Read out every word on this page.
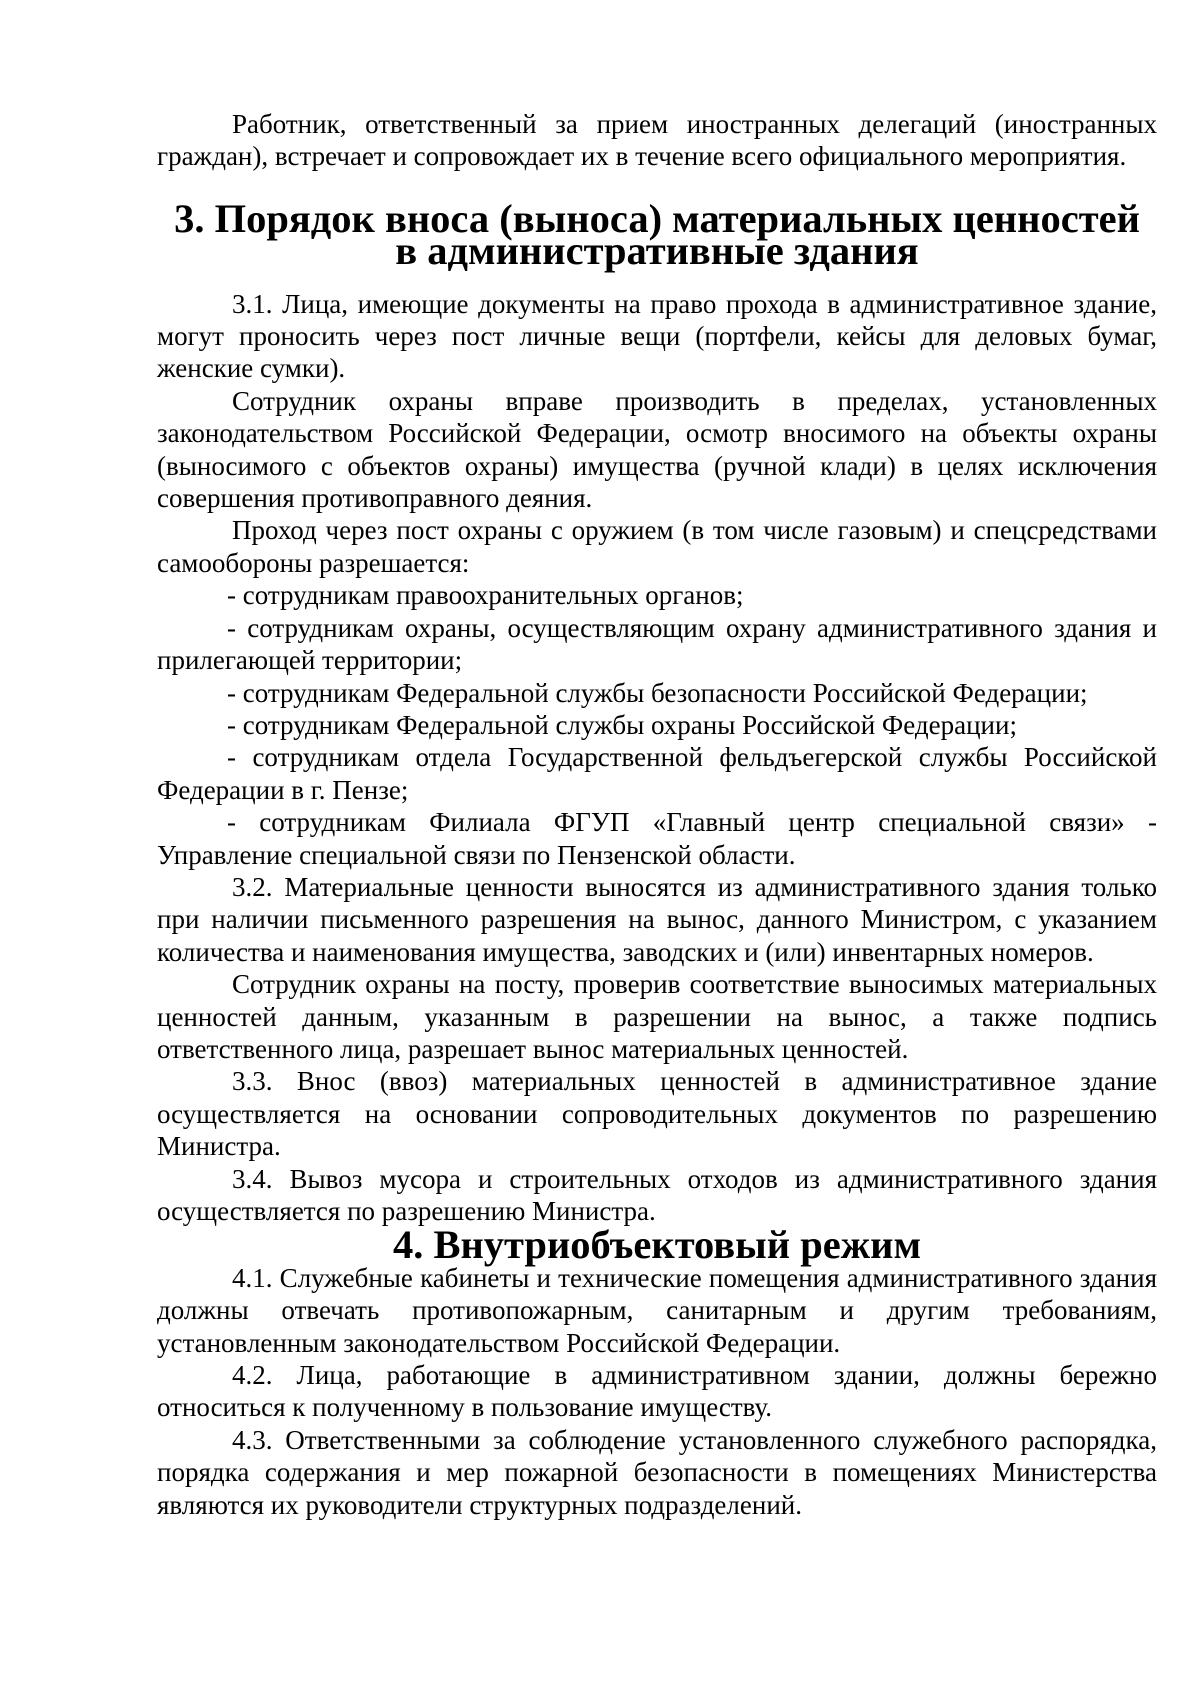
Работник, ответственный за прием иностранных делегаций (иностранных граждан), встречает и сопровождает их в течение всего официального мероприятия.

3. Порядок вноса (выноса) материальных ценностей
в административные здания

3.1. Лица, имеющие документы на право прохода в административное здание, могут проносить через пост личные вещи (портфели, кейсы для деловых бумаг, женские сумки).

Сотрудник охраны вправе производить в пределах, установленных законодательством Российской Федерации, осмотр вносимого на объекты охраны (выносимого с объектов охраны) имущества (ручной клади) в целях исключения совершения противоправного деяния.

Проход через пост охраны с оружием (в том числе газовым) и спецсредствами самообороны разрешается:

- сотрудникам правоохранительных органов;

- сотрудникам охраны, осуществляющим охрану административного здания и прилегающей территории;

- сотрудникам Федеральной службы безопасности Российской Федерации;

- сотрудникам Федеральной службы охраны Российской Федерации;

- сотрудникам отдела Государственной фельдъегерской службы Российской Федерации в г. Пензе;

- сотрудникам Филиала ФГУП «Главный центр специальной связи» - Управление специальной связи по Пензенской области.

3.2. Материальные ценности выносятся из административного здания только при наличии письменного разрешения на вынос, данного Министром, с указанием количества и наименования имущества, заводских и (или) инвентарных номеров.

Сотрудник охраны на посту, проверив соответствие выносимых материальных ценностей данным, указанным в разрешении на вынос, а также подпись ответственного лица, разрешает вынос материальных ценностей.

3.3. Внос (ввоз) материальных ценностей в административное здание осуществляется на основании сопроводительных документов по разрешению Министра.

3.4. Вывоз мусора и строительных отходов из административного здания осуществляется по разрешению Министра.

4. Внутриобъектовый режим

4.1. Служебные кабинеты и технические помещения административного здания должны отвечать противопожарным, санитарным и другим требованиям, установленным законодательством Российской Федерации.

4.2. Лица, работающие в административном здании, должны бережно относиться к полученному в пользование имуществу.

4.3. Ответственными за соблюдение установленного служебного распорядка, порядка содержания и мер пожарной безопасности в помещениях Министерства являются их руководители структурных подразделений.
